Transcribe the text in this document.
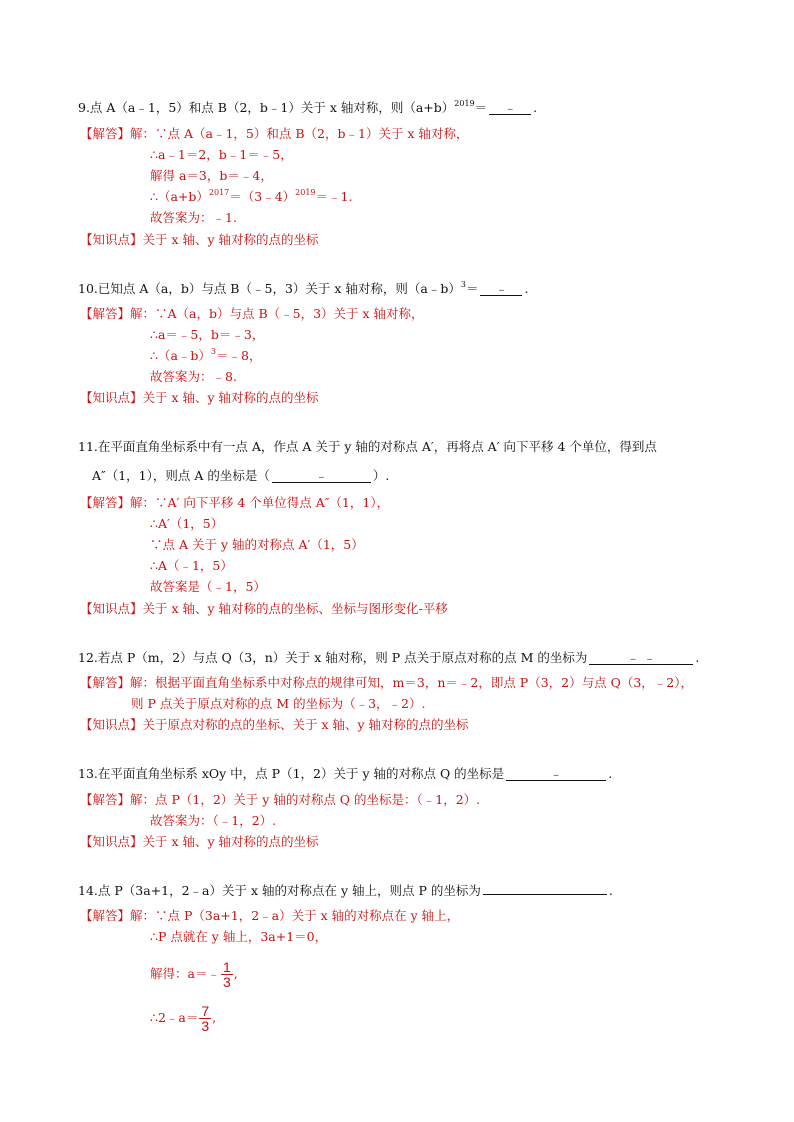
9.点 A（a﹣1，5）和点 B（2，b﹣1）关于 x 轴对称，则$(a+b)^{2019}=$ ﹣ .
【解答】解：∵点 A（a﹣1，5）和点 B（2，b﹣1）关于 x 轴对称，
∴a﹣1＝2，b﹣1＝﹣5，
解得 a＝3，b＝﹣4，
$\therefore(a+b)^{2017}=(3﹣4)^{2019}=﹣1$.
故答案为：﹣1.
【知识点】关于 x 轴、y 轴对称的点的坐标
10.已知点 A（a，b）与点 B（﹣5，3）关于 x 轴对称，则（a﹣b）$^3$＝ ﹣ .
【解答】解：∵A（a，b）与点 B（﹣5，3）关于 x 轴对称，
∴a＝﹣5，b＝﹣3，
∴（a﹣b）$^3$＝﹣8，
故答案为：﹣8.
【知识点】关于 x 轴、y 轴对称的点的坐标
11.在平面直角坐标系中有一点 A，作点 A 关于 y 轴的对称点 A′，再将点 A′ 向下平移 4 个单位，得到点
A″（1，1），则点 A 的坐标是（	﹣	）.
【解答】解：∵A′ 向下平移 4 个单位得点 A″（1，1），
∴A′（1，5）
∵点 A 关于 y 轴的对称点 A′（1，5）
∴A（﹣1，5）
故答案是（﹣1，5）
【知识点】关于 x 轴、y 轴对称的点的坐标、坐标与图形变化-平移
12.若点 P（m，2）与点 Q（3，n）关于 x 轴对称，则 P 点关于原点对称的点 M 的坐标为	﹣ ﹣	.
【解答】解：根据平面直角坐标系中对称点的规律可知，m＝3，n＝﹣2，即点 P（3，2）与点 Q（3，﹣2），
则 P 点关于原点对称的点 M 的坐标为（﹣3，﹣2）.
【知识点】关于原点对称的点的坐标、关于 x 轴、y 轴对称的点的坐标
13.在平面直角坐标系 xOy 中，点 P（1，2）关于 y 轴的对称点 Q 的坐标是	﹣	.
【解答】解：点 P（1，2）关于 y 轴的对称点 Q 的坐标是：（﹣1，2）.
故答案为：（﹣1，2）.
【知识点】关于 x 轴、y 轴对称的点的坐标
14.点 P（3a+1，2﹣a）关于 x 轴的对称点在 y 轴上，则点 P 的坐标为	.
【解答】解：∵点 P（3a+1，2﹣a）关于 x 轴的对称点在 y 轴上，
∴P 点就在 y 轴上，3a+1＝0，
解得：a＝﹣ $\frac{1}{3}$ ,
∴2﹣a＝ $\frac{7}{3}$ ,
